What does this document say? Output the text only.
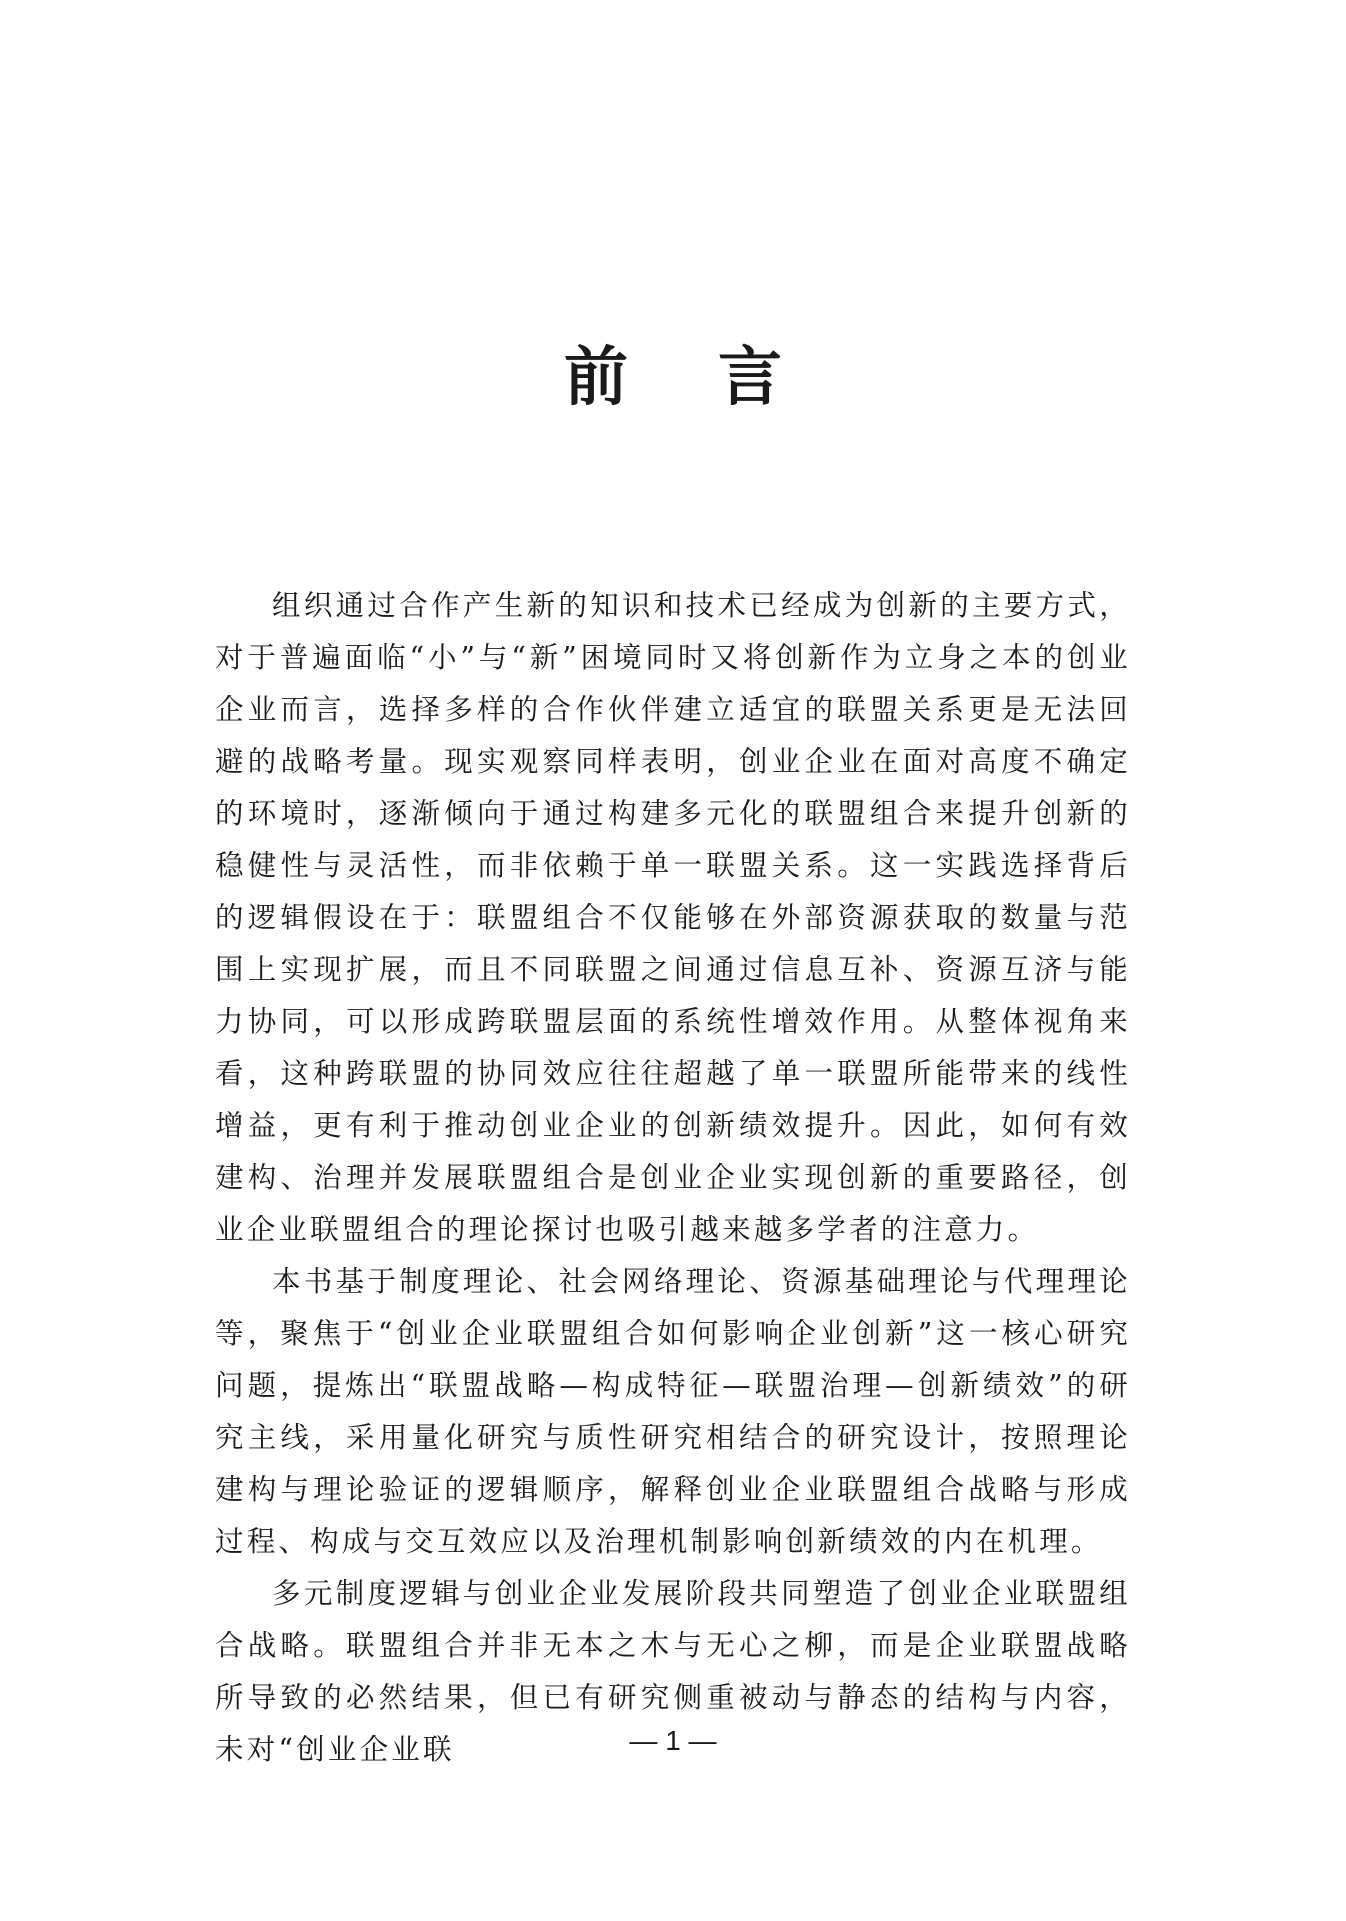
前言

组织通过合作产生新的知识和技术已经成为创新的主要方式，对于普遍面临“小”与“新”困境同时又将创新作为立身之本的创业企业而言，选择多样的合作伙伴建立适宜的联盟关系更是无法回避的战略考量。现实观察同样表明，创业企业在面对高度不确定的环境时，逐渐倾向于通过构建多元化的联盟组合来提升创新的稳健性与灵活性，而非依赖于单一联盟关系。这一实践选择背后的逻辑假设在于：联盟组合不仅能够在外部资源获取的数量与范围上实现扩展，而且不同联盟之间通过信息互补、资源互济与能力协同，可以形成跨联盟层面的系统性增效作用。从整体视角来看，这种跨联盟的协同效应往往超越了单一联盟所能带来的线性增益，更有利于推动创业企业的创新绩效提升。因此，如何有效建构、治理并发展联盟组合是创业企业实现创新的重要路径，创业企业联盟组合的理论探讨也吸引越来越多学者的注意力。

本书基于制度理论、社会网络理论、资源基础理论与代理理论等，聚焦于“创业企业联盟组合如何影响企业创新”这一核心研究问题，提炼出“联盟战略—构成特征—联盟治理—创新绩效”的研究主线，采用量化研究与质性研究相结合的研究设计，按照理论建构与理论验证的逻辑顺序，解释创业企业联盟组合战略与形成过程、构成与交互效应以及治理机制影响创新绩效的内在机理。

多元制度逻辑与创业企业发展阶段共同塑造了创业企业联盟组合战略。联盟组合并非无本之木与无心之柳，而是企业联盟战略所导致的必然结果，但已有研究侧重被动与静态的结构与内容，未对“创业企业联	— 1 —
